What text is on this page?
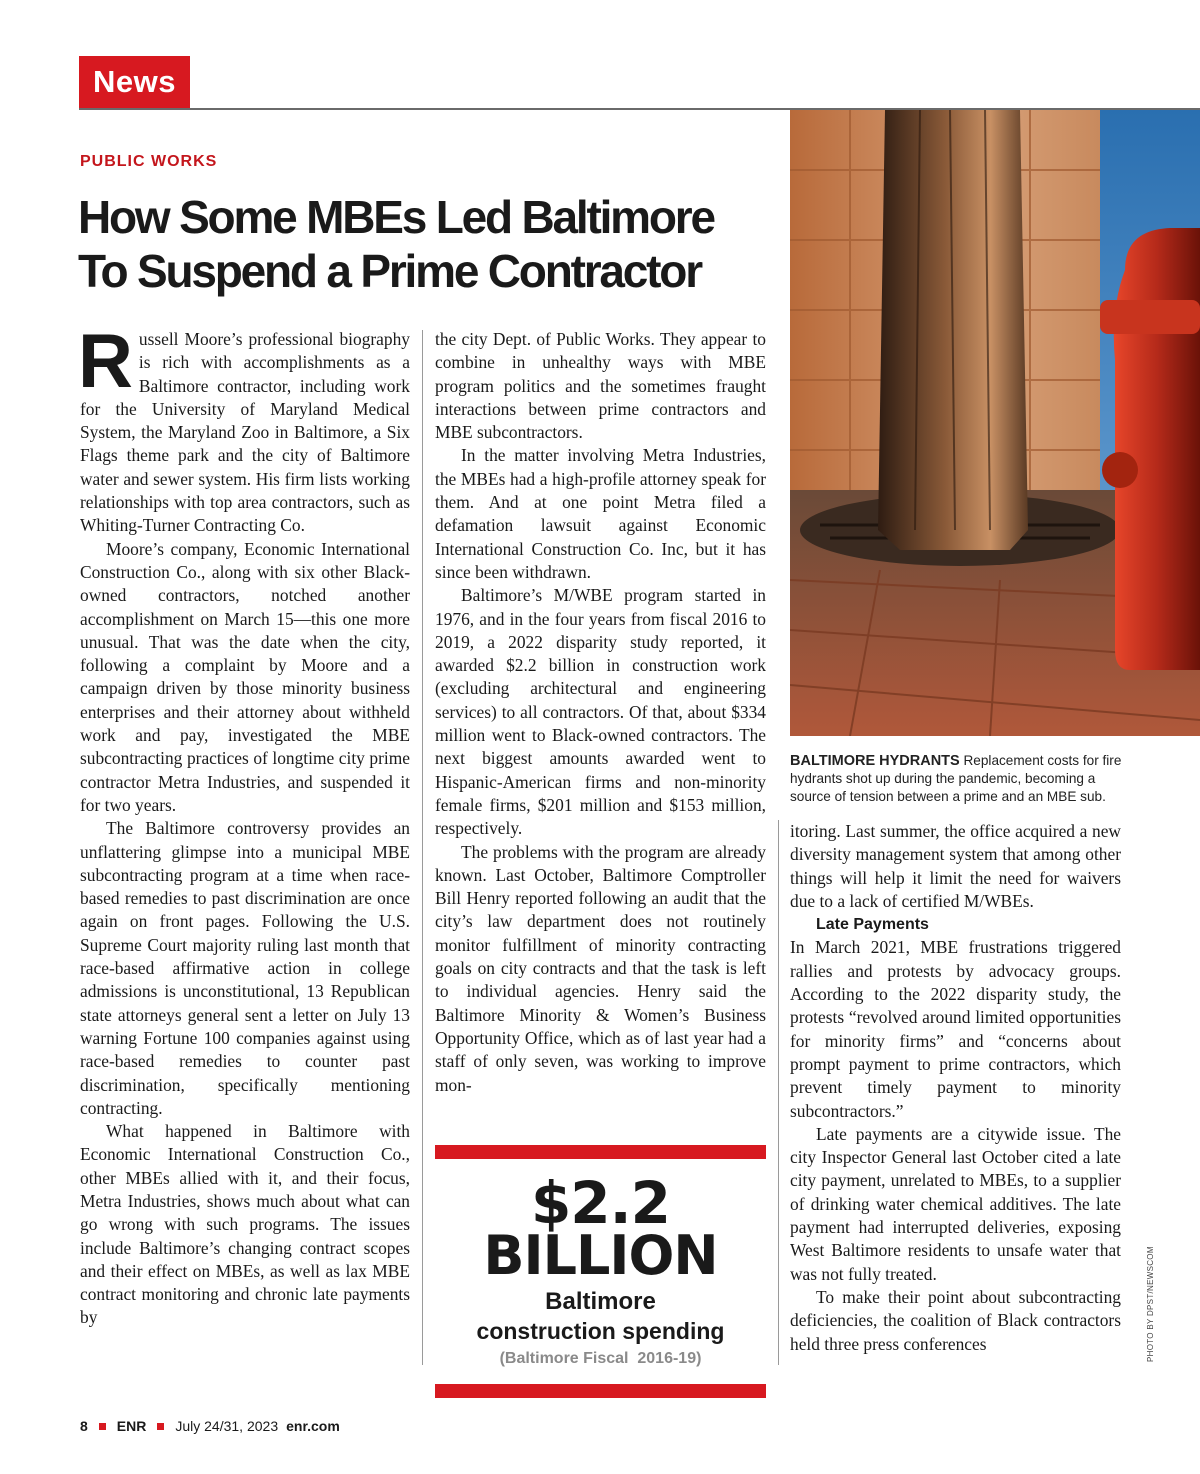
News
PUBLIC WORKS
How Some MBEs Led Baltimore
To Suspend a Prime Contractor

Russell Moore’s professional biography is rich with accomplishments as a Baltimore contractor, including work for the University of Maryland Medical System, the Maryland Zoo in Baltimore, a Six Flags theme park and the city of Baltimore water and sewer system. His firm lists working relationships with top area contractors, such as Whiting-Turner Contracting Co.

Moore’s company, Economic International Construction Co., along with six other Black-owned contractors, notched another accomplishment on March 15—this one more unusual. That was the date when the city, following a complaint by Moore and a campaign driven by those minority business enterprises and their attorney about withheld work and pay, investigated the MBE subcontracting practices of longtime city prime contractor Metra Industries, and suspended it for two years.

The Baltimore controversy provides an unflattering glimpse into a municipal MBE subcontracting program at a time when race-based remedies to past discrimination are once again on front pages. Following the U.S. Supreme Court majority ruling last month that race-based affirmative action in college admissions is unconstitutional, 13 Republican state attorneys general sent a letter on July 13 warning Fortune 100 companies against using race-based remedies to counter past discrimination, specifically mentioning contracting.

What happened in Baltimore with Economic International Construction Co., other MBEs allied with it, and their focus, Metra Industries, shows much about what can go wrong with such programs. The issues include Baltimore’s changing contract scopes and their effect on MBEs, as well as lax MBE contract monitoring and chronic late payments by

the city Dept. of Public Works. They appear to combine in unhealthy ways with MBE program politics and the sometimes fraught interactions between prime contractors and MBE subcontractors.

In the matter involving Metra Industries, the MBEs had a high-profile attorney speak for them. And at one point Metra filed a defamation lawsuit against Economic International Construction Co. Inc, but it has since been withdrawn.

Baltimore’s M/WBE program started in 1976, and in the four years from fiscal 2016 to 2019, a 2022 disparity study reported, it awarded $2.2 billion in construction work (excluding architectural and engineering services) to all contractors. Of that, about $334 million went to Black-owned contractors. The next biggest amounts awarded went to Hispanic-American firms and non-minority female firms, $201 million and $153 million, respectively.

The problems with the program are already known. Last October, Baltimore Comptroller Bill Henry reported following an audit that the city’s law department does not routinely monitor fulfillment of minority contracting goals on city contracts and that the task is left to individual agencies. Henry said the Baltimore Minority & Women’s Business Opportunity Office, which as of last year had a staff of only seven, was working to improve mon-

$2.2
BILLION
Baltimore
construction spending
(Baltimore Fiscal  2016-19)
BALTIMORE HYDRANTS Replacement costs for fire hydrants shot up during the pandemic, becoming a source of tension between a prime and an MBE sub.
PHOTO BY DPST/NEWSCOM

itoring. Last summer, the office acquired a new diversity management system that among other things will help it limit the need for waivers due to a lack of certified M/WBEs.

Late Payments

In March 2021, MBE frustrations triggered rallies and protests by advocacy groups. According to the 2022 disparity study, the protests “revolved around limited opportunities for minority firms” and “concerns about prompt payment to prime contractors, which prevent timely payment to minority subcontractors.”

Late payments are a citywide issue. The city Inspector General last October cited a late city payment, unrelated to MBEs, to a supplier of drinking water chemical additives. The late payment had interrupted deliveries, exposing West Baltimore residents to unsafe water that was not fully treated.

To make their point about subcontracting deficiencies, the coalition of Black contractors held three press conferences

8 ENR July 24/31, 2023 enr.com
